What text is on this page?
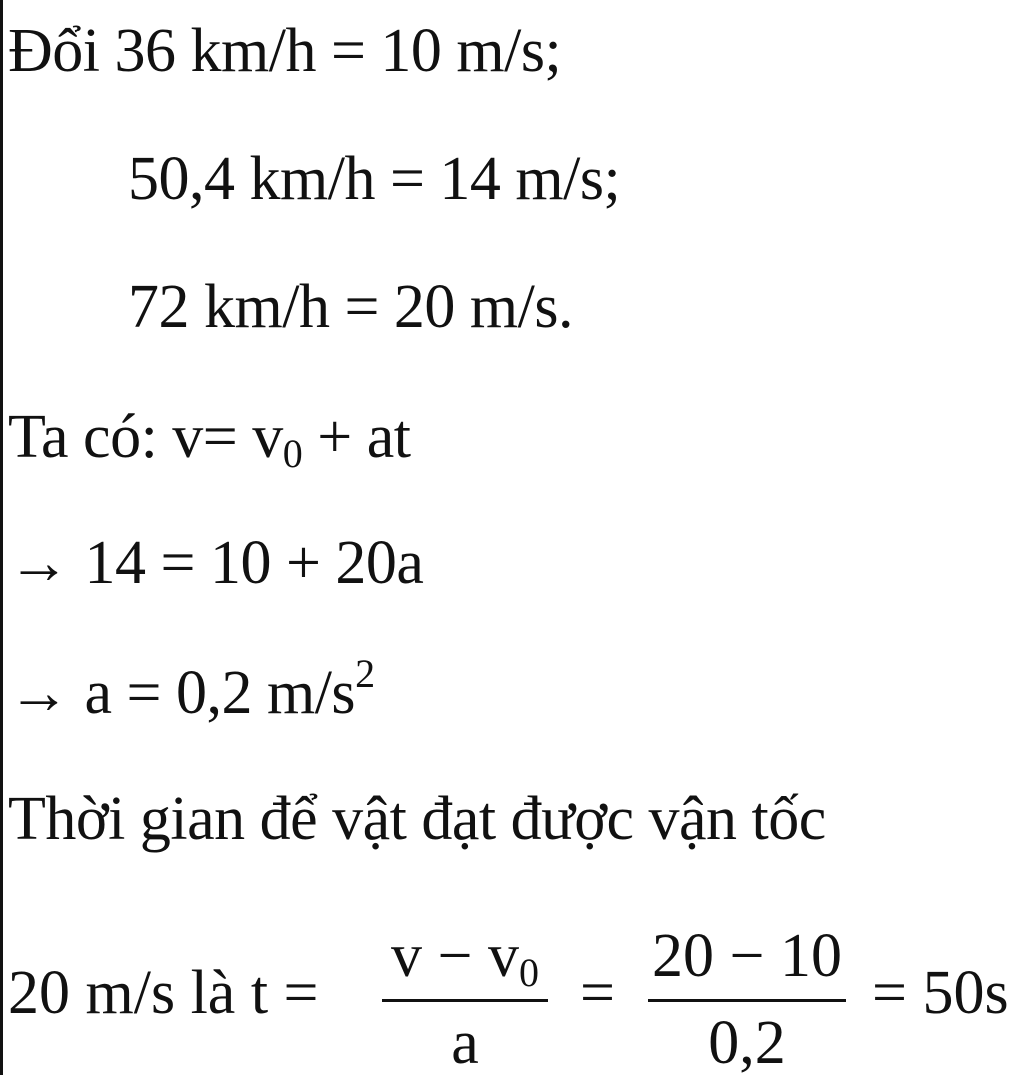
Đổi 36 km/h = 10 m/s;
50,4 km/h = 14 m/s;
72 km/h = 20 m/s.
Ta có: $v= v_0$ + at
→ 14 = 10 + 20a
→ a = 0,2 $m/s^2$
Thời gian để vật đạt được vận tốc
20 m/s là t =
$v - v_0$
a
=
20 − 10
0,2
= 50s
